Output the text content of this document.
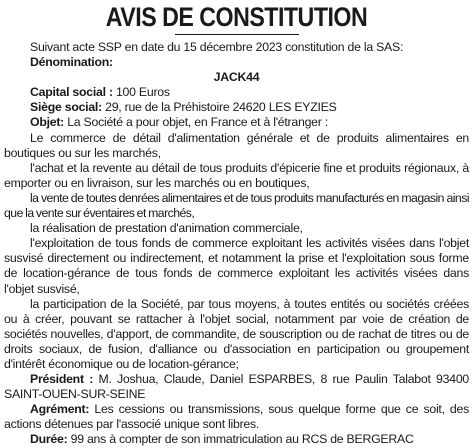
AVIS DE CONSTITUTION

Suivant acte SSP en date du 15 décembre 2023 constitution de la SAS:

Dénomination:

JACK44

Capital social : 100 Euros

Siège social: 29, rue de la Préhistoire 24620 LES EYZIES

Objet: La Société a pour objet, en France et à l'étranger :

Le commerce de détail d'alimentation générale et de produits alimentaires en boutiques ou sur les marchés,

l'achat et la revente au détail de tous produits d'épicerie fine et produits régionaux, à emporter ou en livraison, sur les marchés ou en boutiques,

la vente de toutes denrées alimentaires et de tous produits manufacturés en magasin ainsi que la vente sur éventaires et marchés,

la réalisation de prestation d'animation commerciale,

l'exploitation de tous fonds de commerce exploitant les activités visées dans l'objet susvisé directement ou indirectement, et notamment la prise et l'exploitation sous forme de location-gérance de tous fonds de commerce exploitant les activités visées dans l'objet susvisé,

la participation de la Société, par tous moyens, à toutes entités ou sociétés créées ou à créer, pouvant se rattacher à l'objet social, notamment par voie de création de sociétés nouvelles, d'apport, de commandite, de souscription ou de rachat de titres ou de droits sociaux, de fusion, d'alliance ou d'association en participation ou groupement d'intérêt économique ou de location-gérance;

Président : M. Joshua, Claude, Daniel ESPARBES, 8 rue Paulin Talabot 93400 SAINT-OUEN-SUR-SEINE

Agrément: Les cessions ou transmissions, sous quelque forme que ce soit, des actions détenues par l'associé unique sont libres.

Durée: 99 ans à compter de son immatriculation au RCS de BERGERAC
